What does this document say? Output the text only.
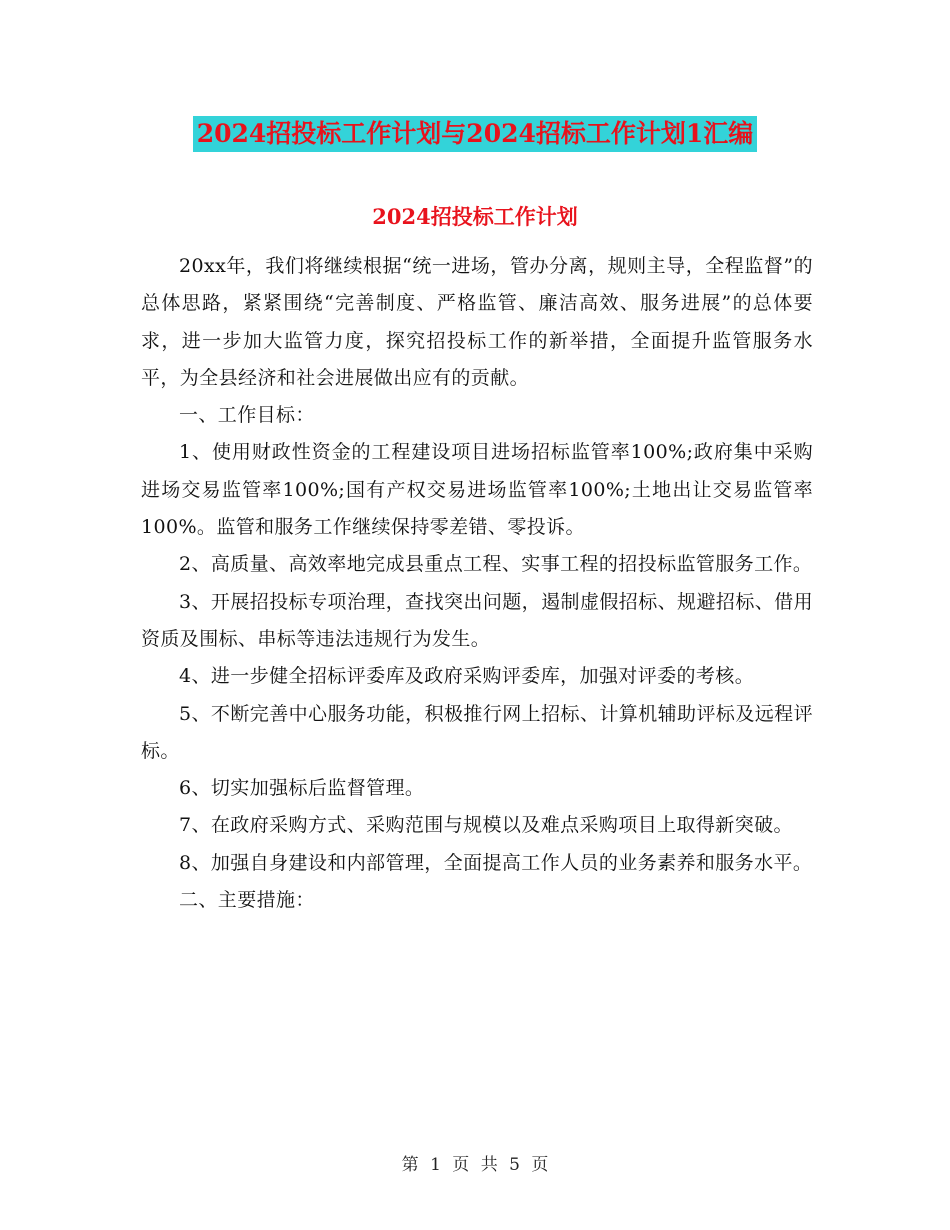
2024招投标工作计划与2024招标工作计划1汇编
2024招投标工作计划

20xx年，我们将继续根据“统一进场，管办分离，规则主导，全程监督”的总体思路，紧紧围绕“完善制度、严格监管、廉洁高效、服务进展”的总体要求，进一步加大监管力度，探究招投标工作的新举措，全面提升监管服务水平，为全县经济和社会进展做出应有的贡献。

一、工作目标：

1、使用财政性资金的工程建设项目进场招标监管率100%;政府集中采购进场交易监管率100%;国有产权交易进场监管率100%;土地出让交易监管率100%。监管和服务工作继续保持零差错、零投诉。

2、高质量、高效率地完成县重点工程、实事工程的招投标监管服务工作。

3、开展招投标专项治理，查找突出问题，遏制虚假招标、规避招标、借用资质及围标、串标等违法违规行为发生。

4、进一步健全招标评委库及政府采购评委库，加强对评委的考核。

5、不断完善中心服务功能，积极推行网上招标、计算机辅助评标及远程评标。

6、切实加强标后监督管理。

7、在政府采购方式、采购范围与规模以及难点采购项目上取得新突破。

8、加强自身建设和内部管理，全面提高工作人员的业务素养和服务水平。

二、主要措施：

第 1 页 共 5 页
